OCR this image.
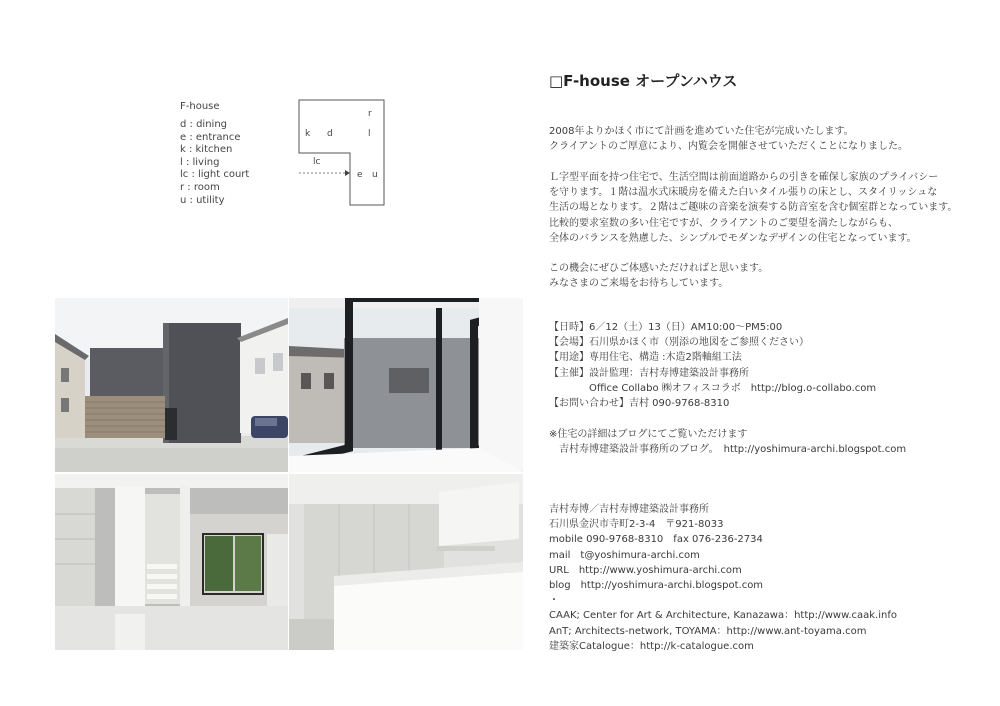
F-house
d : dining
e : entrance
k : kitchen
l : living
lc : light court
r : room
u : utility
r
k d	l
lc
e u
□F-house オープンハウス
2008年よりかほく市にて計画を進めていた住宅が完成いたします。
クライアントのご厚意により、内覧会を開催させていただくことになりました。
Ｌ字型平面を持つ住宅で、生活空間は前面道路からの引きを確保し家族のプライバシー
を守ります。１階は温水式床暖房を備えた白いタイル張りの床とし、スタイリッシュな
生活の場となります。２階はご趣味の音楽を演奏する防音室を含む個室群となっています。
比較的要求室数の多い住宅ですが、クライアントのご要望を満たしながらも、
全体のバランスを熟慮した、シンプルでモダンなデザインの住宅となっています。
この機会にぜひご体感いただければと思います。
みなさまのご来場をお待ちしています。
【日時】6／12（土）13（日）AM10:00〜PM5:00
【会場】石川県かほく市（別添の地図をご参照ください）
【用途】専用住宅、構造 :木造2階軸組工法
【主催】設計監理：吉村寿博建築設計事務所
　　　　Office Collabo ㈱オフィスコラボ　http://blog.o-collabo.com
【お問い合わせ】吉村 090-9768-8310
※住宅の詳細はブログにてご覧いただけます
　吉村寿博建築設計事務所のブログ。　http://yoshimura-archi.blogspot.com
吉村寿博／吉村寿博建築設計事務所
石川県金沢市寺町2-3-4　〒921-8033
mobile 090-9768-8310　fax 076-236-2734
mail　t@yoshimura-archi.com
URL　http://www.yoshimura-archi.com
blog　http://yoshimura-archi.blogspot.com
・
CAAK; Center for Art & Architecture, Kanazawa：http://www.caak.info
AnT; Architects-network, TOYAMA：http://www.ant-toyama.com
建築家Catalogue：http://k-catalogue.com
